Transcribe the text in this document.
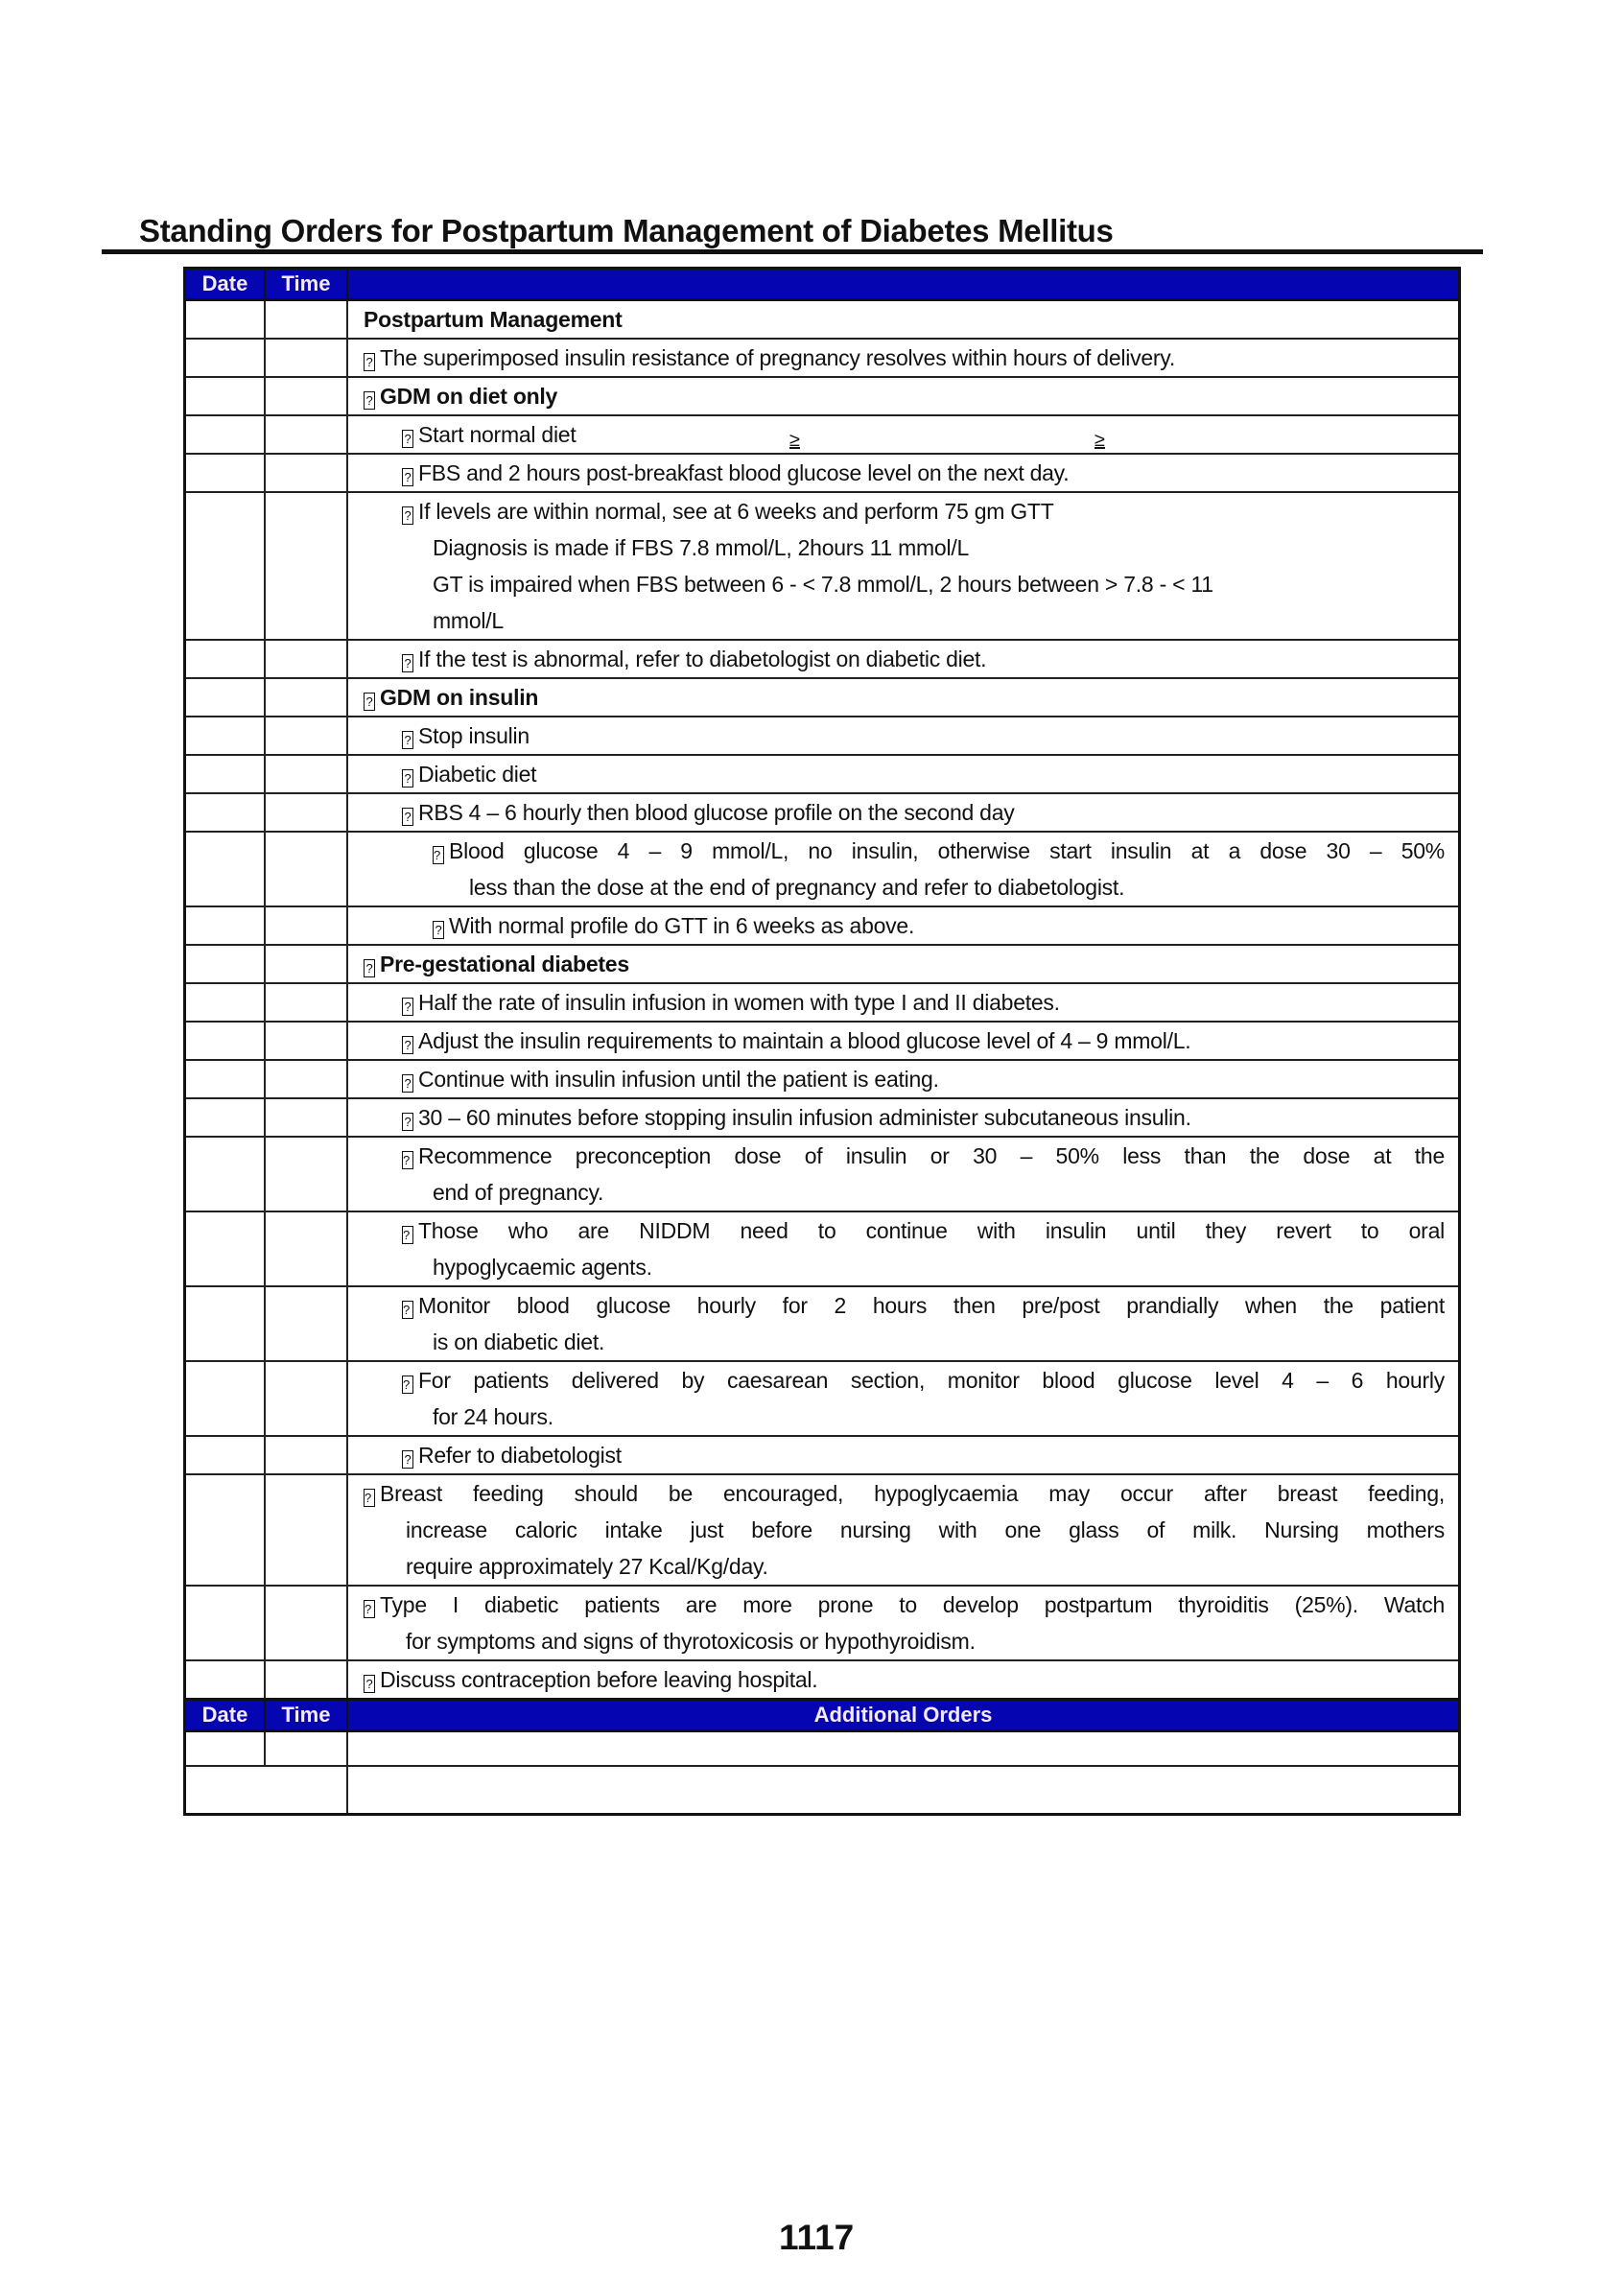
Standing Orders for Postpartum Management of Diabetes Mellitus
≥	≥
Date	Time
Postpartum Management
? The superimposed insulin resistance of pregnancy resolves within hours of delivery.
? GDM on diet only
? Start normal diet
? FBS and 2 hours post-breakfast blood glucose level on the next day.
? If levels are within normal, see at 6 weeks and perform 75 gm GTT
Diagnosis is made if FBS 7.8 mmol/L, 2hours 11 mmol/L
GT is impaired when FBS between 6 - < 7.8 mmol/L, 2 hours between > 7.8 - < 11
mmol/L
? If the test is abnormal, refer to diabetologist on diabetic diet.
? GDM on insulin
? Stop insulin
? Diabetic diet
? RBS 4 – 6 hourly then blood glucose profile on the second day
? Blood glucose 4 – 9 mmol/L, no insulin, otherwise start insulin at a dose 30 – 50%
less than the dose at the end of pregnancy and refer to diabetologist.
? With normal profile do GTT in 6 weeks as above.
? Pre-gestational diabetes
? Half the rate of insulin infusion in women with type I and II diabetes.
? Adjust the insulin requirements to maintain a blood glucose level of 4 – 9 mmol/L.
? Continue with insulin infusion until the patient is eating.
? 30 – 60 minutes before stopping insulin infusion administer subcutaneous insulin.
? Recommence preconception dose of insulin or 30 – 50% less than the dose at the
end of pregnancy.
? Those who are NIDDM need to continue with insulin until they revert to oral
hypoglycaemic agents.
? Monitor blood glucose hourly for 2 hours then pre/post prandially when the patient
is on diabetic diet.
? For patients delivered by caesarean section, monitor blood glucose level 4 – 6 hourly
for 24 hours.
? Refer to diabetologist
? Breast feeding should be encouraged, hypoglycaemia may occur after breast feeding,
increase caloric intake just before nursing with one glass of milk. Nursing mothers
require approximately 27 Kcal/Kg/day.
? Type I diabetic patients are more prone to develop postpartum thyroiditis (25%). Watch
for symptoms and signs of thyrotoxicosis or hypothyroidism.
? Discuss contraception before leaving hospital.
Date	Time	Additional Orders
1117
